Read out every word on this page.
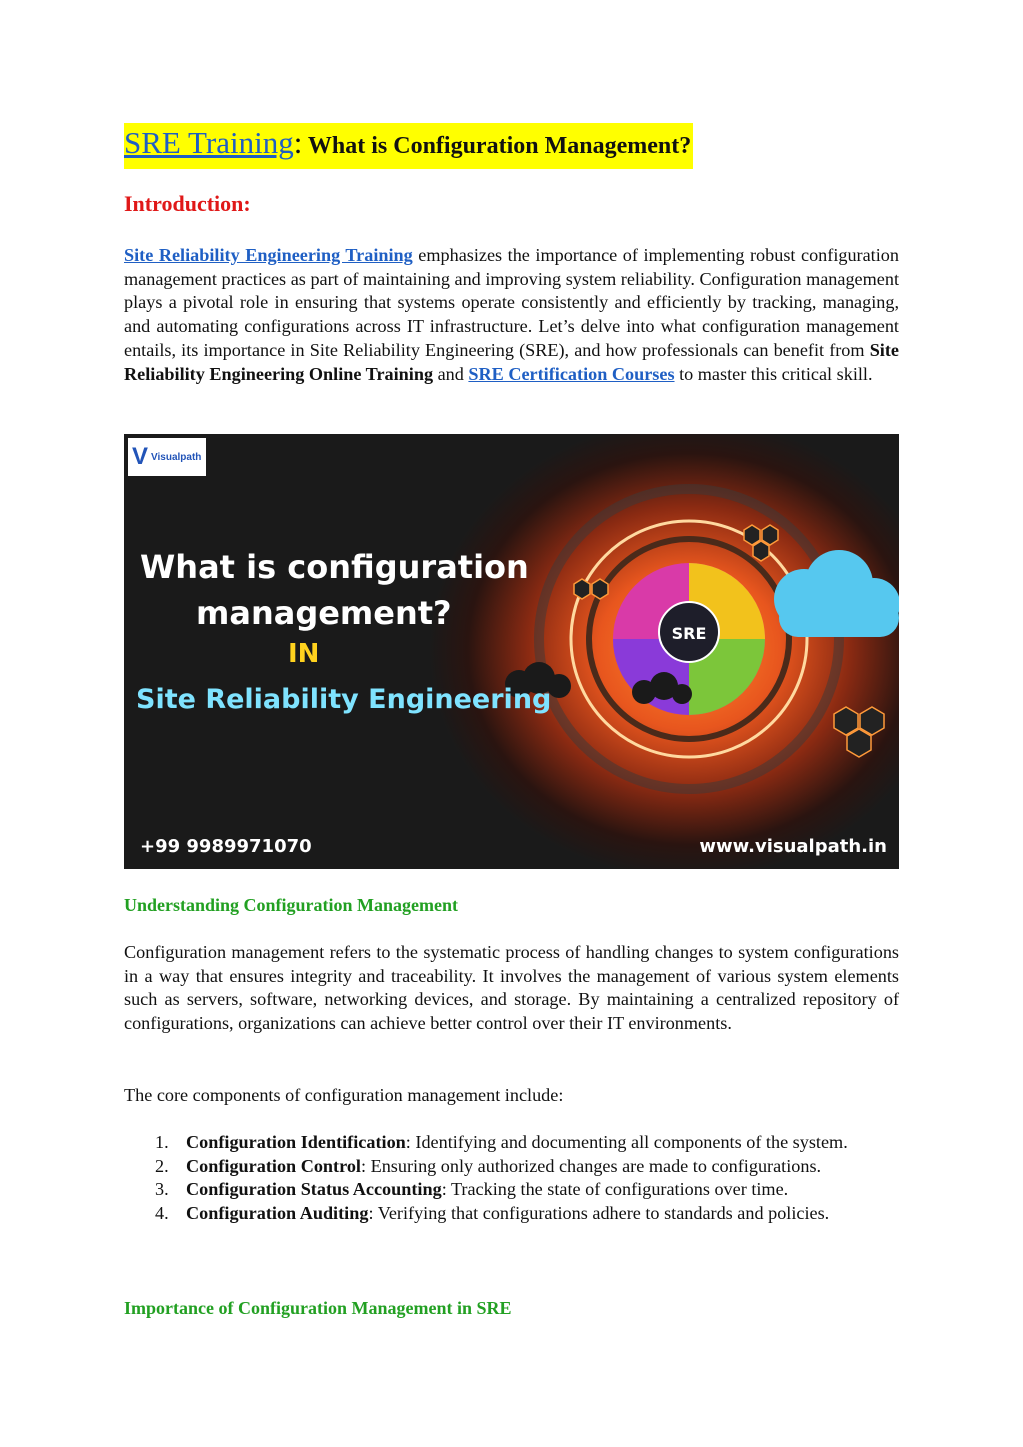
SRE Training: What is Configuration Management?
Introduction:

Site Reliability Engineering Training emphasizes the importance of implementing robust configuration management practices as part of maintaining and improving system reliability. Configuration management plays a pivotal role in ensuring that systems operate consistently and efficiently by tracking, managing, and automating configurations across IT infrastructure. Let’s delve into what configuration management entails, its importance in Site Reliability Engineering (SRE), and how professionals can benefit from Site Reliability Engineering Online Training and SRE Certification Courses to master this critical skill.

SRE
V Visualpath
What is configuration
management?
IN
Site Reliability Engineering
+99 9989971070	www.visualpath.in
Understanding Configuration Management

Configuration management refers to the systematic process of handling changes to system configurations in a way that ensures integrity and traceability. It involves the management of various system elements such as servers, software, networking devices, and storage. By maintaining a centralized repository of configurations, organizations can achieve better control over their IT environments.

The core components of configuration management include:

1. Configuration Identification: Identifying and documenting all components of the system.
2. Configuration Control: Ensuring only authorized changes are made to configurations.
3. Configuration Status Accounting: Tracking the state of configurations over time.
4. Configuration Auditing: Verifying that configurations adhere to standards and policies.
Importance of Configuration Management in SRE
